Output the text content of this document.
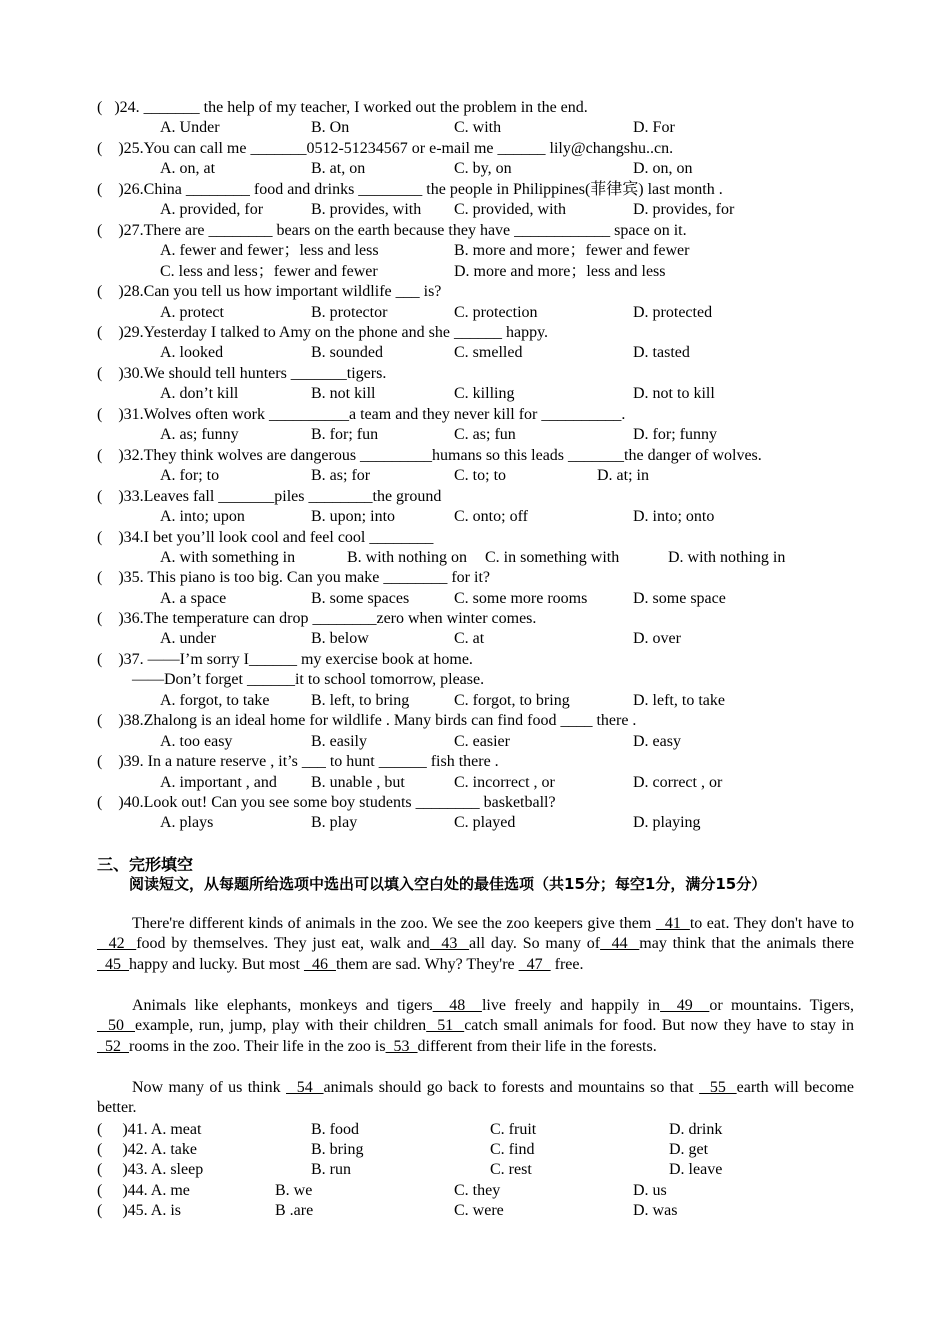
(   )24. _______ the help of my teacher, I worked out the problem in the end.
A. Under	B. On	C. with	D. For
(    )25.You can call me _______0512-51234567 or e-mail me ______ lily@changshu..cn.
A. on, at	B. at, on	C. by, on	D. on, on
(    )26.China ________ food and drinks ________ the people in Philippines(菲律宾) last month .
A. provided, for	B. provides, with C. provided, with	D. provides, for
(    )27.There are ________ bears on the earth because they have ____________ space on it.
A. fewer and fewer；less and less	B. more and more；fewer and fewer
C. less and less；fewer and fewer	D. more and more；less and less
(    )28.Can you tell us how important wildlife ___ is?
A. protect	B. protector	C. protection	D. protected
(    )29.Yesterday I talked to Amy on the phone and she ______ happy.
A. looked	B. sounded	C. smelled	D. tasted
(    )30.We should tell hunters _______tigers.
A. don’t kill	B. not kill	C. killing	D. not to kill
(    )31.Wolves often work __________a team and they never kill for __________.
A. as; funny	B. for; fun	C. as; fun	D. for; funny
(    )32.They think wolves are dangerous _________humans so this leads _______the danger of wolves.
A. for; to	B. as; for	C. to; to	D. at; in
(    )33.Leaves fall _______piles ________the ground
A. into; upon	B. upon; into	C. onto; off	D. into; onto
(    )34.I bet you’ll look cool and feel cool ________
A. with something in	B. with nothing on C. in something with	D. with nothing in
(    )35. This piano is too big. Can you make ________ for it?
A. a space	B. some spaces	C. some more rooms	D. some space
(    )36.The temperature can drop ________zero when winter comes.
A. under	B. below	C. at	D. over
(    )37. ——I’m sorry I______ my exercise book at home.
——Don’t forget ______it to school tomorrow, please.
A. forgot, to take	B. left, to bring	C. forgot, to bring	D. left, to take
(    )38.Zhalong is an ideal home for wildlife . Many birds can find food ____ there .
A. too easy	B. easily	C. easier	D. easy
(    )39. In a nature reserve , it’s ___ to hunt ______ fish there .
A. important , and B. unable , but	C. incorrect , or	D. correct , or
(    )40.Look out! Can you see some boy students ________ basketball?
A. plays	B. play	C. played	D. playing
三、完形填空
阅读短文，从每题所给选项中选出可以填入空白处的最佳选项（共15分；每空1分，满分15分）
There're different kinds of animals in the zoo. We see the zoo keepers give them   41  to eat. They don't have to   42  food by themselves. They just eat, walk and  43  all day. So many of  44  may think that the animals there   45  happy and lucky. But most   46  them are sad. Why? They're   47   free.
Animals like elephants, monkeys and tigers  48  live freely and happily in  49  or mountains. Tigers,  50  example, run, jump, play with their children  51  catch small animals for food. But now they have to stay in  52  rooms in the zoo. Their life in the zoo is  53  different from their life in the forests.
Now many of us think   54  animals should go back to forests and mountains so that   55  earth will become better.
(     )41. A. meat	B. food	C. fruit	D. drink
(     )42. A. take	B. bring	C. find	D. get
(     )43. A. sleep	B. run	C. rest	D. leave
(     )44. A. me	B. we	C. they	D. us
(     )45. A. is	B .are	C. were	D. was
